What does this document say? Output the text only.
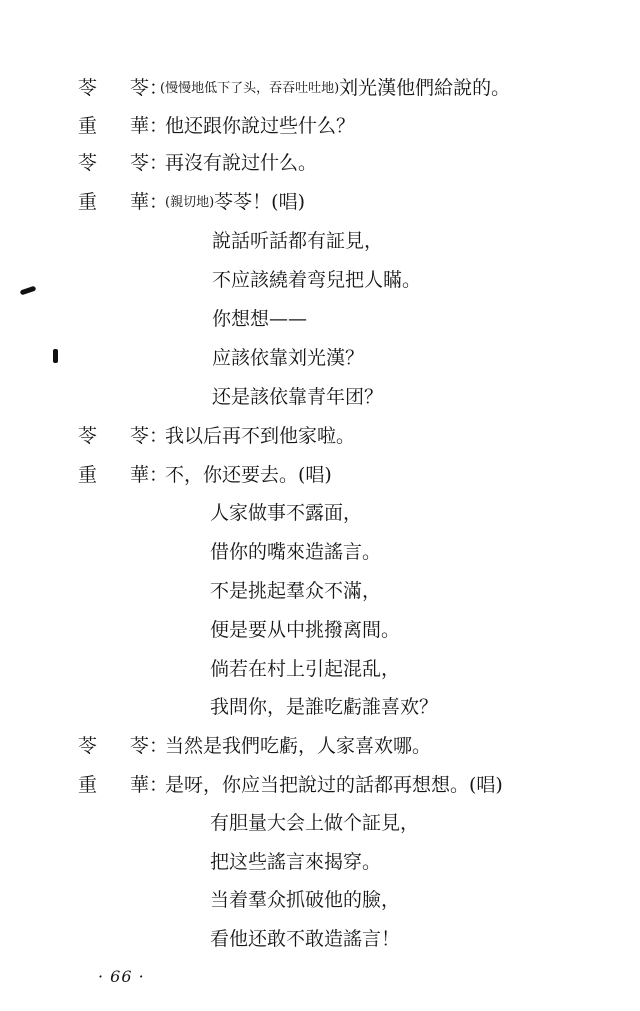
苓 苓：
(慢慢地低下了头，吞吞吐吐地)刘光漢他們給說的。
重 華：
他还跟你說过些什么？
苓 苓：
再沒有說过什么。
重 華：
(親切地)苓苓！(唱)
說話听話都有証見，
不应該繞着弯兒把人瞞。
你想想——
应該依靠刘光漢？
还是該依靠青年团？
苓 苓：
我以后再不到他家啦。
重 華：
不，你还要去。(唱)
人家做事不露面，
借你的嘴來造謠言。
不是挑起羣众不滿，
便是要从中挑撥离間。
倘若在村上引起混乱，
我問你，是誰吃虧誰喜欢？
苓 苓：
当然是我們吃虧，人家喜欢哪。
重 華：
是呀，你应当把說过的話都再想想。(唱)
有胆量大会上做个証見，
把这些謠言來揭穿。
当着羣众抓破他的臉，
看他还敢不敢造謠言！
· 66 ·
